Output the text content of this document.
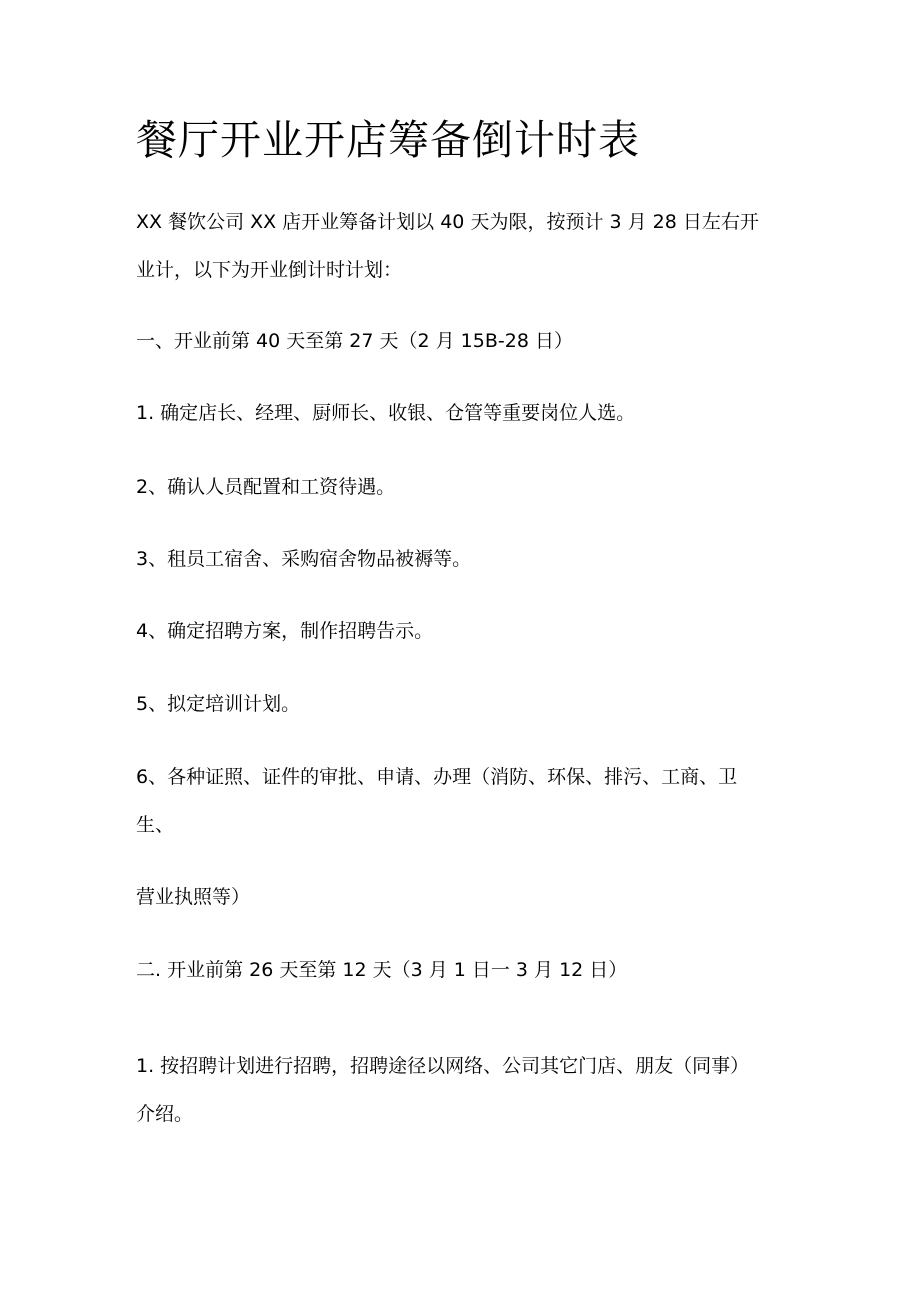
餐厅开业开店筹备倒计时表

XX 餐饮公司 XX 店开业筹备计划以 40 天为限，按预计 3 月 28 日左右开

业计，以下为开业倒计时计划：

一、开业前第 40 天至第 27 天（2 月 15B-28 日）

1. 确定店长、经理、厨师长、收银、仓管等重要岗位人选。

2、确认人员配置和工资待遇。

3、租员工宿舍、采购宿舍物品被褥等。

4、确定招聘方案，制作招聘告示。

5、拟定培训计划。

6、各种证照、证件的审批、申请、办理（消防、环保、排污、工商、卫

生、

营业执照等）

二. 开业前第 26 天至第 12 天（3 月 1 日一 3 月 12 日）

1. 按招聘计划进行招聘，招聘途径以网络、公司其它门店、朋友（同事）

介绍。
